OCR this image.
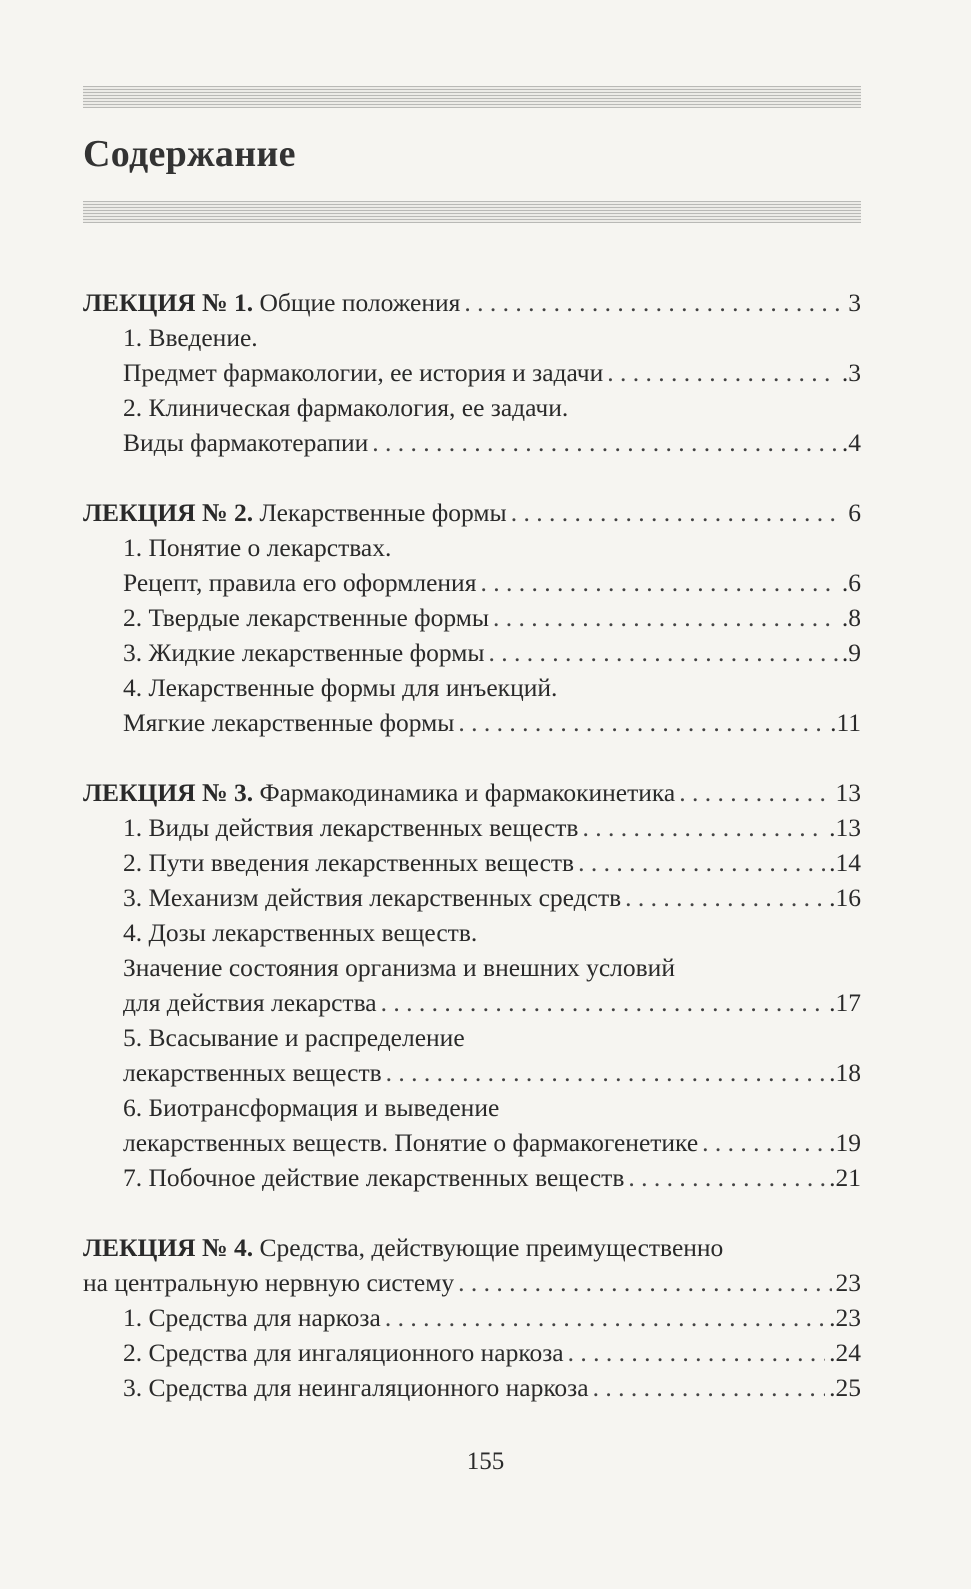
Содержание
ЛЕКЦИЯ № 1. Общие положения . . .	3
1. Введение.
Предмет фармакологии, ее история и задачи . . .	.3
2. Клиническая фармакология, ее задачи.
Виды фармакотерапии . . .	.4
ЛЕКЦИЯ № 2. Лекарственные формы . . .	6
1. Понятие о лекарствах.
Рецепт, правила его оформления . . .	.6
2. Твердые лекарственные формы . . .	.8
3. Жидкие лекарственные формы . . .	.9
4. Лекарственные формы для инъекций.
Мягкие лекарственные формы . . .	.11
ЛЕКЦИЯ № 3. Фармакодинамика и фармакокинетика . . .	13
1. Виды действия лекарственных веществ . . .	.13
2. Пути введения лекарственных веществ . . .	.14
3. Механизм действия лекарственных средств . . .	.16
4. Дозы лекарственных веществ.
Значение состояния организма и внешних условий
для действия лекарства . . .	.17
5. Всасывание и распределение
лекарственных веществ . . .	.18
6. Биотрансформация и выведение
лекарственных веществ. Понятие о фармакогенетике . . .	.19
7. Побочное действие лекарственных веществ . . .	.21
ЛЕКЦИЯ № 4. Средства, действующие преимущественно
на центральную нервную систему . . .	23
1. Средства для наркоза . . .	.23
2. Средства для ингаляционного наркоза . . .	.24
3. Средства для неингаляционного наркоза . . .	.25
155
